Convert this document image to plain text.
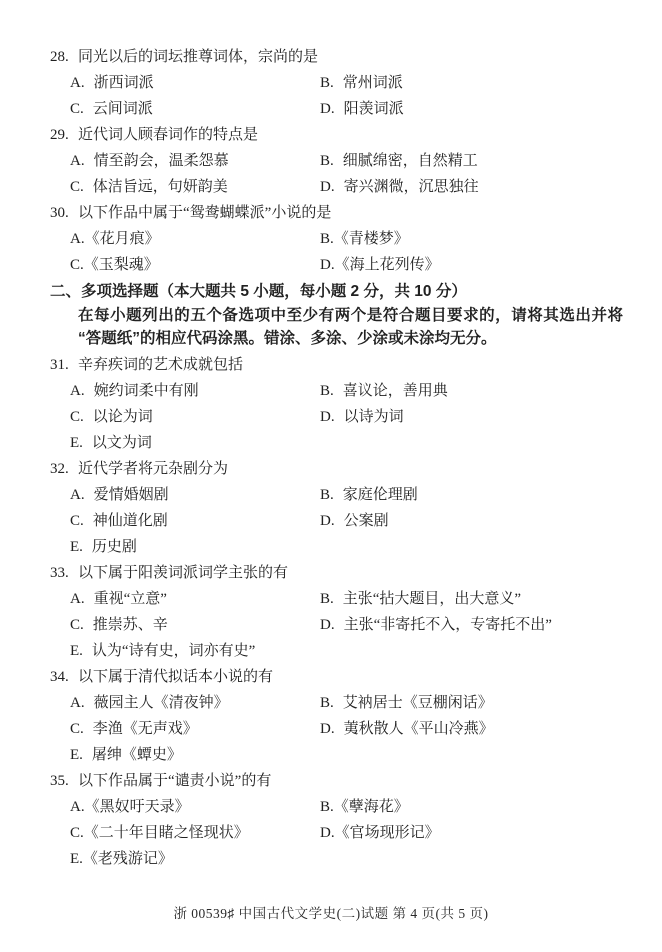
28. 同光以后的词坛推尊词体，宗尚的是
A. 浙西词派	B. 常州词派
C. 云间词派	D. 阳羡词派
29. 近代词人顾春词作的特点是
A. 情至韵会，温柔怨慕	B. 细腻绵密，自然精工
C. 体洁旨远，句妍韵美	D. 寄兴渊微，沉思独往
30. 以下作品中属于“鸳鸯蝴蝶派”小说的是
A. 《花月痕》	B. 《青楼梦》
C. 《玉梨魂》	D. 《海上花列传》
二、 多项选择题（本大题共 5 小题，每小题 2 分，共 10 分）

在每小题列出的五个备选项中至少有两个是符合题目要求的，请将其选出并将“答题纸”的相应代码涂黑。错涂、多涂、少涂或未涂均无分。

31. 辛弃疾词的艺术成就包括
A. 婉约词柔中有刚	B. 喜议论，善用典
C. 以论为词	D. 以诗为词
E. 以文为词
32. 近代学者将元杂剧分为
A. 爱情婚姻剧	B. 家庭伦理剧
C. 神仙道化剧	D. 公案剧
E. 历史剧
33. 以下属于阳羡词派词学主张的有
A. 重视“立意”	B. 主张“拈大题目，出大意义”
C. 推崇苏、辛	D. 主张“非寄托不入，专寄托不出”
E. 认为“诗有史，词亦有史”
34. 以下属于清代拟话本小说的有
A. 薇园主人《清夜钟》	B. 艾衲居士《豆棚闲话》
C. 李渔《无声戏》	D. 荑秋散人《平山冷燕》
E. 屠绅《蟫史》
35. 以下作品属于“谴责小说”的有
A. 《黑奴吁天录》	B. 《孽海花》
C. 《二十年目睹之怪现状》	D. 《官场现形记》
E. 《老残游记》
浙 00539♯ 中国古代文学史(二)试题 第 4 页(共 5 页)
